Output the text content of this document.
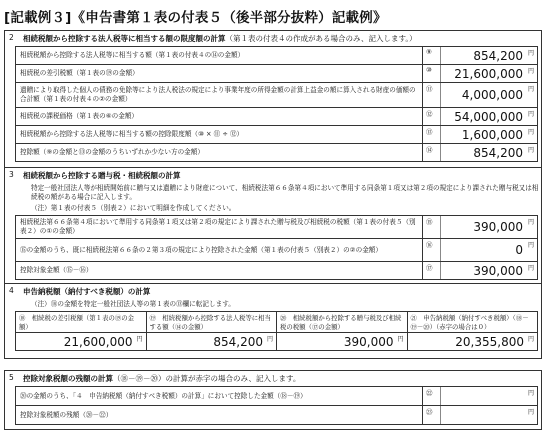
[記載例３]《申告書第１表の付表５（後半部分抜粋）記載例》
2 相続税額から控除する法人税等に相当する額の限度額の計算（第１表の付表４の作成がある場合のみ、記入します。）
相続税額から控除する法人税等に相当する額（第１表の付表４の⑭の金額）	⑨	854,200 円
相続税の差引税額（第１表の⑲の金額）	⑩	21,600,000 円
遺贈により取得した個人の債務の免除等により法人税法の規定により事業年度の所得金額の計算上益金の額に算入される財産の価額の合計額（第１表の付表４の②の金額）
⑪	4,000,000 円
相続税の課税価格（第１表の⑥の金額）	⑫	54,000,000 円
相続税額から控除する法人税等に相当する額の控除限度額（⑩ × ⑪ ÷ ⑫）	⑬	1,600,000 円
控除額（⑨の金額と⑬の金額のうちいずれか少ない方の金額）	⑭	854,200 円
3 相続税額から控除する贈与税・相続税額の計算
特定一般社団法人等が相続開始前に贈与又は遺贈により財産について、相続税法第６６条第４項において準用する同条第１項又は第２項の規定により課された贈与税又は相続税の額がある場合に記入します。
（注）第１表の付表５（別表２）において明細を作成してください。
相続税法第６６条第４項において準用する同条第１項又は第２項の規定により課された贈与税及び相続税の税額（第１表の付表５（別表２）の①の金額）
⑮	390,000 円
⑮の金額のうち、既に相続税法第６６条の２第３項の規定により控除された金額（第１表の付表５（別表２）の②の金額）
⑯	0 円
控除対象金額（⑮－⑯）	⑰	390,000 円
4 申告納税額（納付すべき税額）の計算
（注）⑱の金額を特定一般社団法人等の第１表の⑬欄に転記します。
⑱　相続税の差引税額（第１表の⑲の金額）
21,600,000 円
⑲　相続税額から控除する法人税等に相当する額（⑭の金額）
854,200 円
⑳　相続税額から控除する贈与税及び相続税の税額（⑰の金額）
390,000 円
㉑　申告納税額（納付すべき税額）（⑱－⑲－⑳）（赤字の場合は０）
20,355,800 円
5 控除対象税額の残額の計算（⑱－⑲－⑳）の計算が赤字の場合のみ、記入します。
⑳の金額のうち、「４　申告納税額（納付すべき税額）の計算」において控除した金額（⑱－⑲）	㉒	円
控除対象税額の残額（⑳－㉒）	㉓	円
